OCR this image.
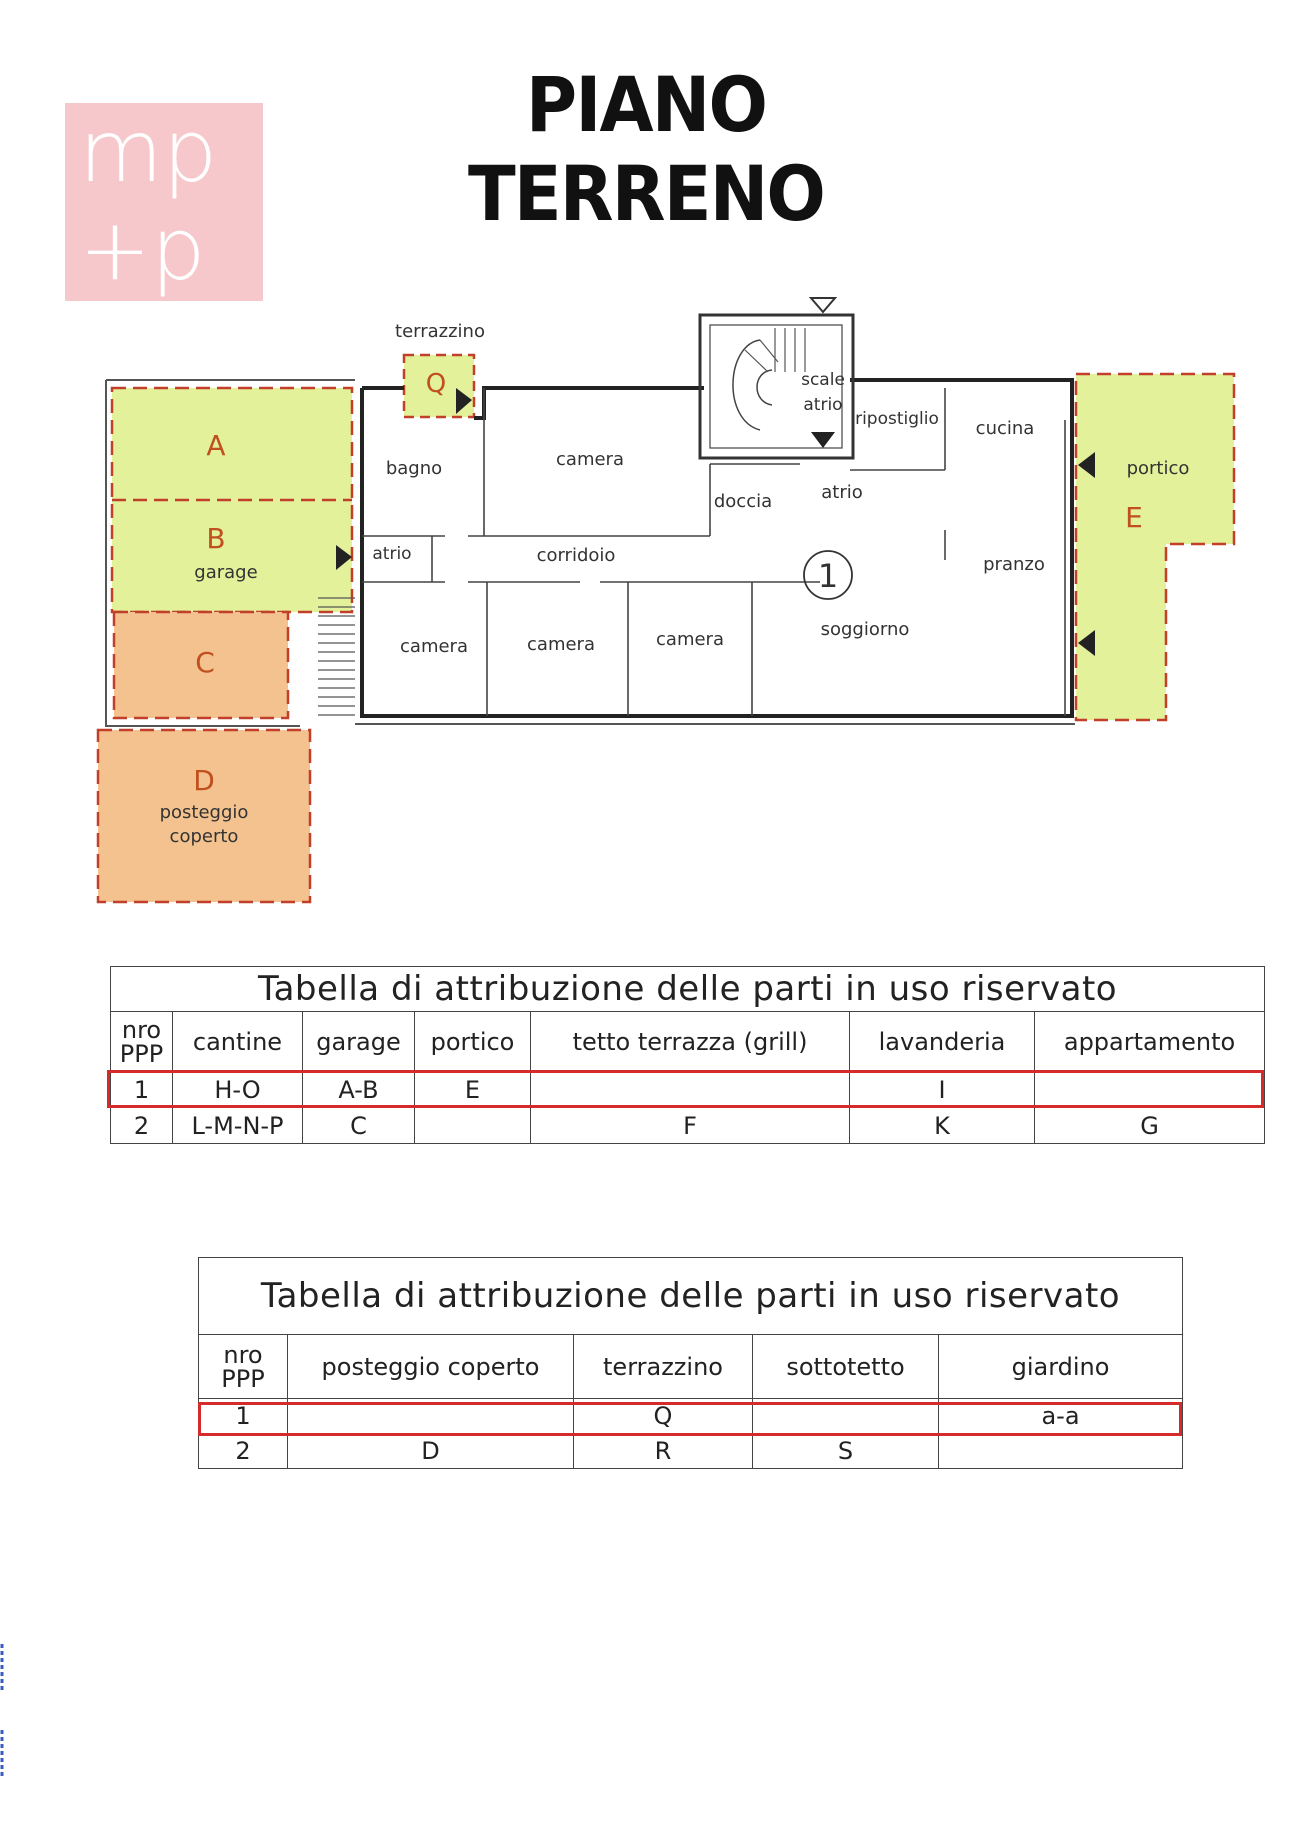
mp
+p
PIANO TERRENO
A
B
garage
C
D
posteggio
coperto
E
portico
Q
terrazzino
bagno	camera
doccia
scale
atrio
ripostiglio cucina
atrio
atrio	corridoio	pranzo
1
soggiorno
camera	camera	camera
Tabella di attribuzione delle parti in uso riservato						
nro PPP	cantine	garage	portico	tetto terrazza (grill)	lavanderia	appartamento
1	H-O	A-B	E		I	
2	L-M-N-P	C		F	K	G
Tabella di attribuzione delle parti in uso riservato				
nro PPP	posteggio coperto	terrazzino	sottotetto	giardino
1		Q		a-a
2	D	R	S	
